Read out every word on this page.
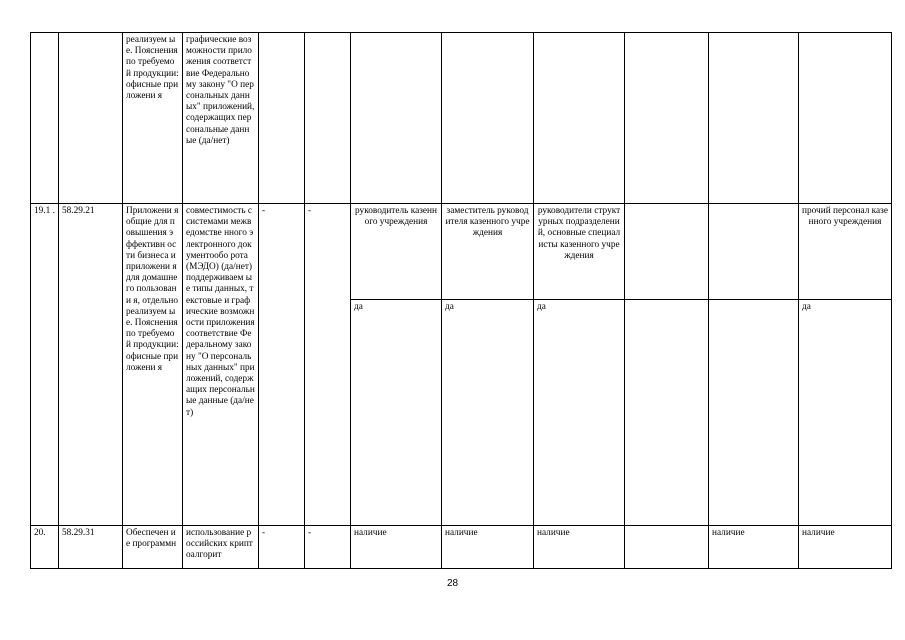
		реализуем ые. Пояснения по требуемой продукции: офисные приложени я	графические возможности приложения соответствие Федеральному закону "О персональных данных" приложений, содержащих персональные данные (да/нет)								
19.1 .	58.29.21	Приложени я общие для повышения эффективн ости бизнеса и приложени я для домашнего пользовани я, отдельно реализуем ые. Пояснения по требуемой продукции: офисные приложени я	совместимость с системами межведомстве нного электронного документообо рота (МЭДО) (да/нет) поддерживаем ые типы данных, текстовые и графические возможности приложения соответствие Федеральному закону "О персональных данных" приложений, содержащих персональные данные (да/нет)	-	-	руководитель казенного учреждения	заместитель руководителя казенного учреждения	руководители структурных подразделений, основные специалисты казенного учреждения			прочий персонал казенного учреждения
						да	да	да			да
20.	58.29.31	Обеспечен ие программн	использование российских криптоалгорит	-	-	наличие	наличие	наличие		наличие	наличие
28
